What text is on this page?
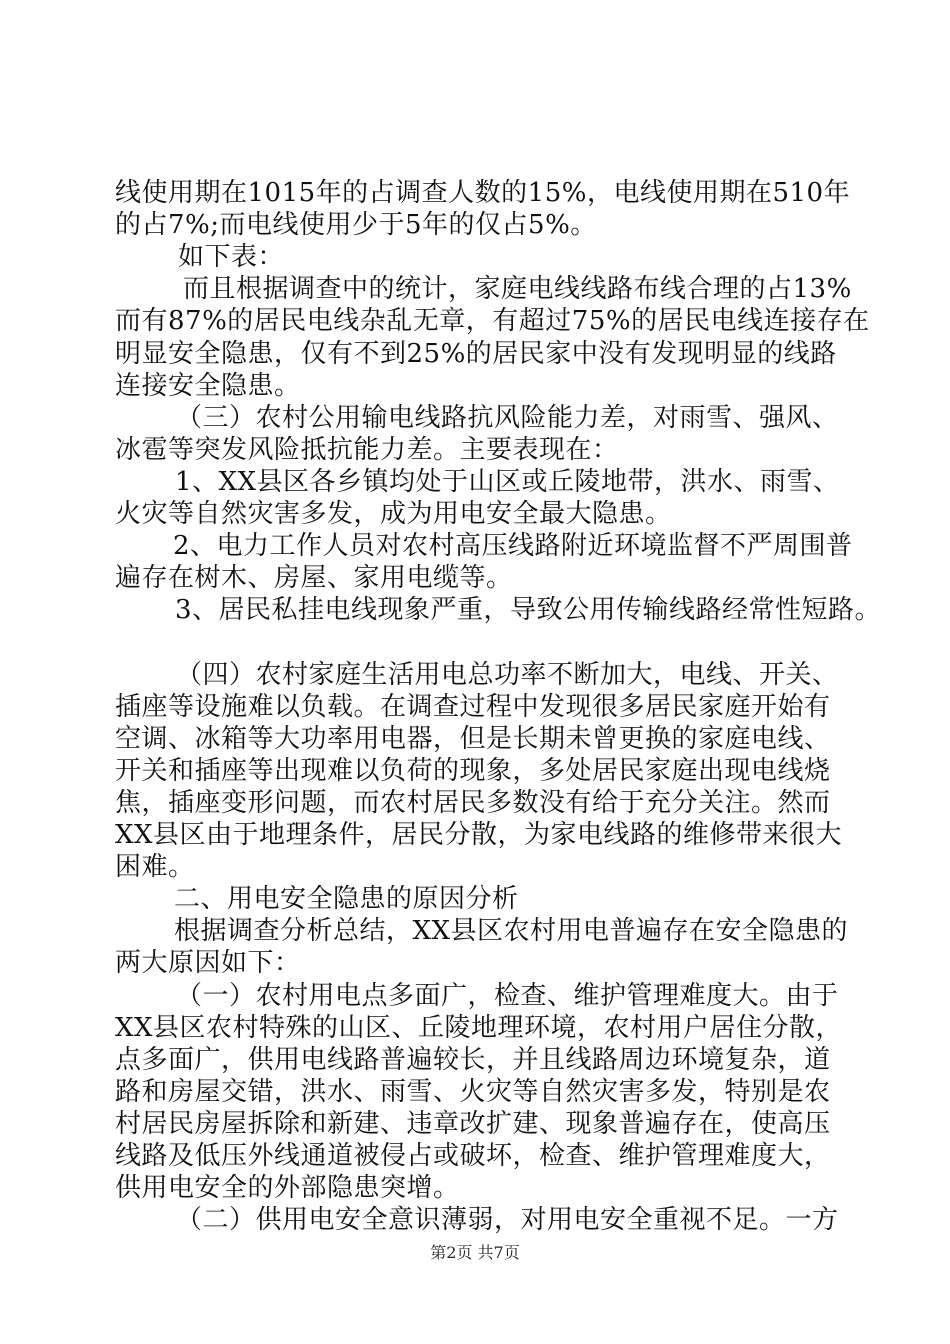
线使用期在1015年的占调查人数的15%，电线使用期在510年
的占7%;而电线使用少于5年的仅占5%。
如下表：
而且根据调查中的统计，家庭电线线路布线合理的占13%
而有87%的居民电线杂乱无章，有超过75%的居民电线连接存在
明显安全隐患，仅有不到25%的居民家中没有发现明显的线路
连接安全隐患。
（三）农村公用输电线路抗风险能力差，对雨雪、强风、
冰雹等突发风险抵抗能力差。主要表现在：
1、XX县区各乡镇均处于山区或丘陵地带，洪水、雨雪、
火灾等自然灾害多发，成为用电安全最大隐患。
2、电力工作人员对农村高压线路附近环境监督不严周围普
遍存在树木、房屋、家用电缆等。
3、居民私挂电线现象严重，导致公用传输线路经常性短路。
（四）农村家庭生活用电总功率不断加大，电线、开关、
插座等设施难以负载。在调查过程中发现很多居民家庭开始有
空调、冰箱等大功率用电器，但是长期未曾更换的家庭电线、
开关和插座等出现难以负荷的现象，多处居民家庭出现电线烧
焦，插座变形问题，而农村居民多数没有给于充分关注。然而
XX县区由于地理条件，居民分散，为家电线路的维修带来很大
困难。
二、用电安全隐患的原因分析
根据调查分析总结，XX县区农村用电普遍存在安全隐患的
两大原因如下：
（一）农村用电点多面广，检查、维护管理难度大。由于
XX县区农村特殊的山区、丘陵地理环境，农村用户居住分散，
点多面广，供用电线路普遍较长，并且线路周边环境复杂，道
路和房屋交错，洪水、雨雪、火灾等自然灾害多发，特别是农
村居民房屋拆除和新建、违章改扩建、现象普遍存在，使高压
线路及低压外线通道被侵占或破坏，检查、维护管理难度大，
供用电安全的外部隐患突增。
（二）供用电安全意识薄弱，对用电安全重视不足。一方
第2页 共7页
